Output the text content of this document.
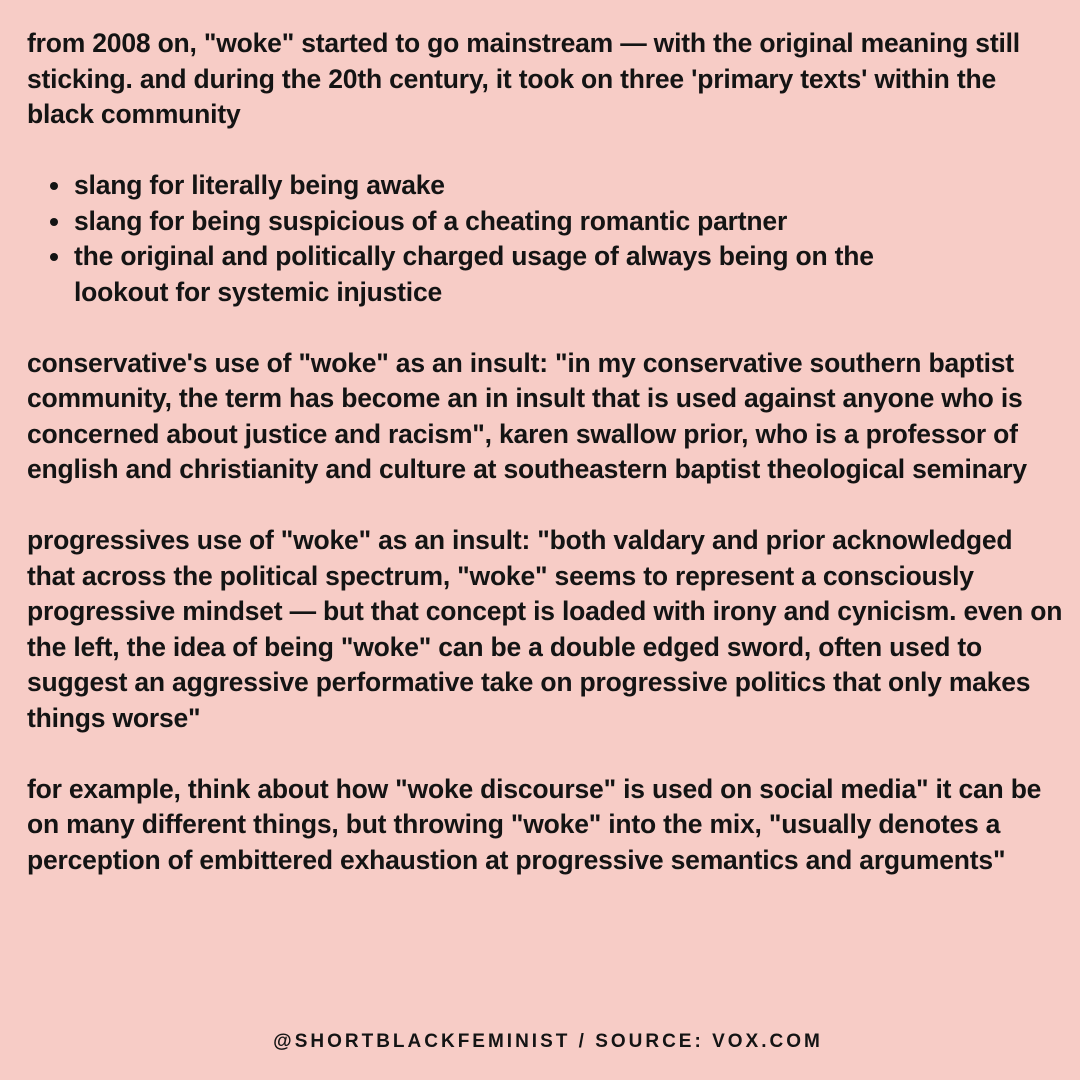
from 2008 on, "woke" started to go mainstream — with the original meaning still sticking. and during the 20th century, it took on three 'primary texts' within the black community

slang for literally being awake
slang for being suspicious of a cheating romantic partner
the original and politically charged usage of always being on the lookout for systemic injustice

conservative's use of "woke" as an insult: "in my conservative southern baptist community, the term has become an in insult that is used against anyone who is concerned about justice and racism", karen swallow prior, who is a professor of english and christianity and culture at southeastern baptist theological seminary

progressives use of "woke" as an insult: "both valdary and prior acknowledged that across the political spectrum, "woke" seems to represent a consciously progressive mindset — but that concept is loaded with irony and cynicism. even on the left, the idea of being "woke" can be a double edged sword, often used to suggest an aggressive performative take on progressive politics that only makes things worse"

for example, think about how "woke discourse" is used on social media" it can be on many different things, but throwing "woke" into the mix, "usually denotes a perception of embittered exhaustion at progressive semantics and arguments"

@SHORTBLACKFEMINIST / SOURCE: VOX.COM
